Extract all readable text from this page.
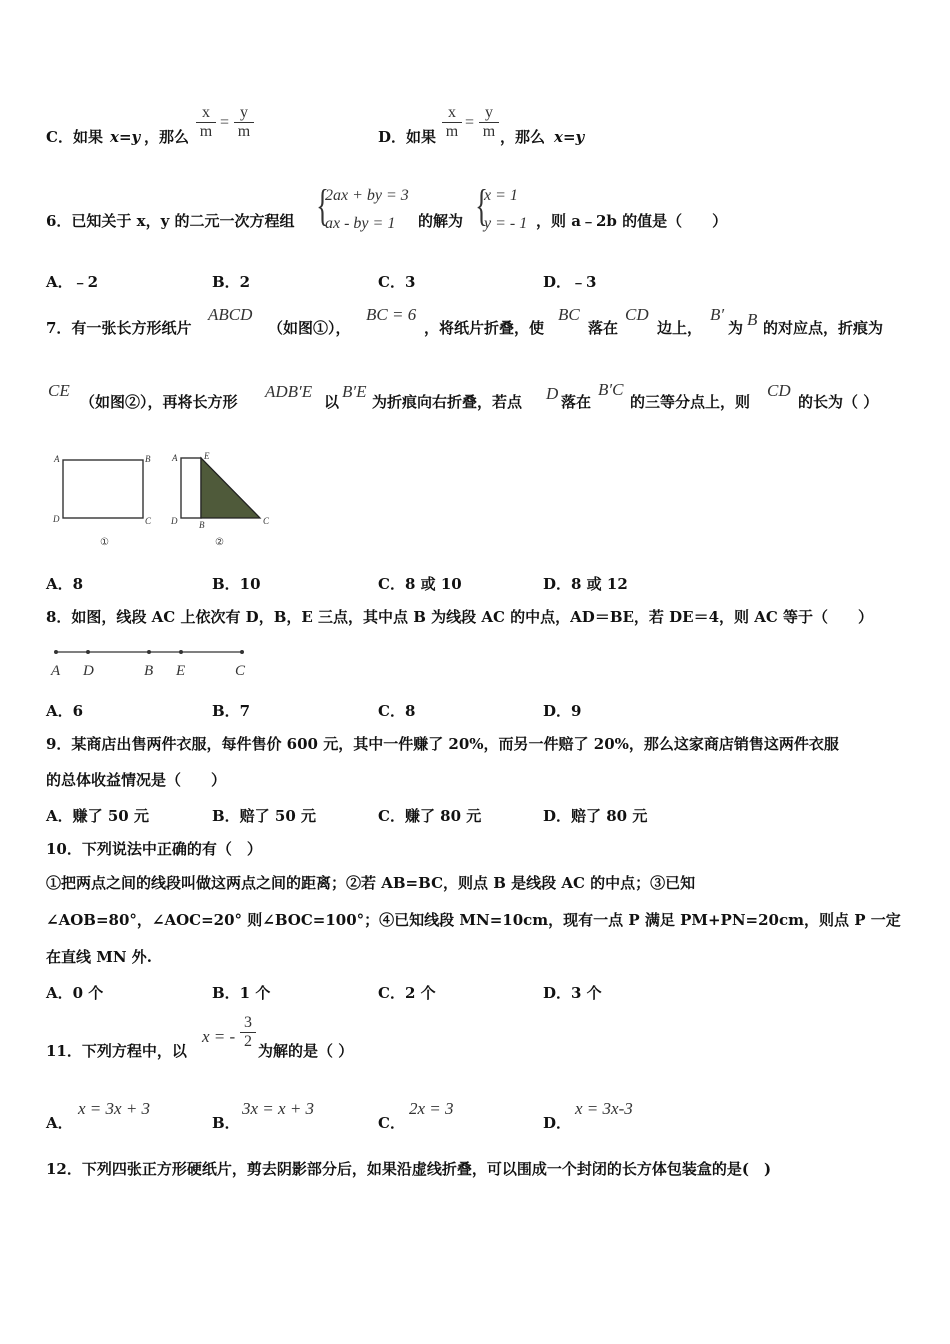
C．如果 x=y ，那么
x
m
=
y
m	D．如果
x
m
=
y
m ，那么 x=y
6．已知关于 x，y 的二元一次方程组 {
2ax + by = 3
ax - by = 1 的解为 {
x = 1
y = - 1 ，则 a﹣2b 的值是（　　）
A．﹣2	B．2	C．3	D．﹣3
7．有一张长方形纸片
ABCD
（如图①），
BC = 6
，将纸片折叠，使
BC
落在
CD
边上，
B′
为 B 的对应点，折痕为
CE
（如图②），再将长方形
ADB′E
以
B′E
为折痕向右折叠，若点 D 落在
B′C
的三等分点上，则
CD
的长为（ ）
A	B
D	C
①
A	E
D B	C
②
A．8	B．10	C．8 或 10	D．8 或 12
8．如图，线段 AC 上依次有 D，B，E 三点，其中点 B 为线段 AC 的中点，AD＝BE，若 DE＝4，则 AC 等于（　　）
A D	B E	C
A．6	B．7	C．8	D．9
9．某商店出售两件衣服，每件售价 600 元，其中一件赚了 20%，而另一件赔了 20%，那么这家商店销售这两件衣服
的总体收益情况是（　　）
A．赚了 50 元	B．赔了 50 元	C．赚了 80 元	D．赔了 80 元
10．下列说法中正确的有（　）
①把两点之间的线段叫做这两点之间的距离；②若 AB=BC，则点 B 是线段 AC 的中点；③已知
∠AOB=80°，∠AOC=20° 则∠BOC=100°；④已知线段 MN=10cm，现有一点 P 满足 PM+PN=20cm，则点 P 一定
在直线 MN 外.
A．0 个	B．1 个	C．2 个	D．3 个
11．下列方程中，以
x = -
3
2
为解的是（ ）
A．
x = 3x + 3
B．
3x = x + 3
C．
2x = 3
D．
x = 3x-3
12．下列四张正方形硬纸片，剪去阴影部分后，如果沿虚线折叠，可以围成一个封闭的长方体包装盒的是(　)
